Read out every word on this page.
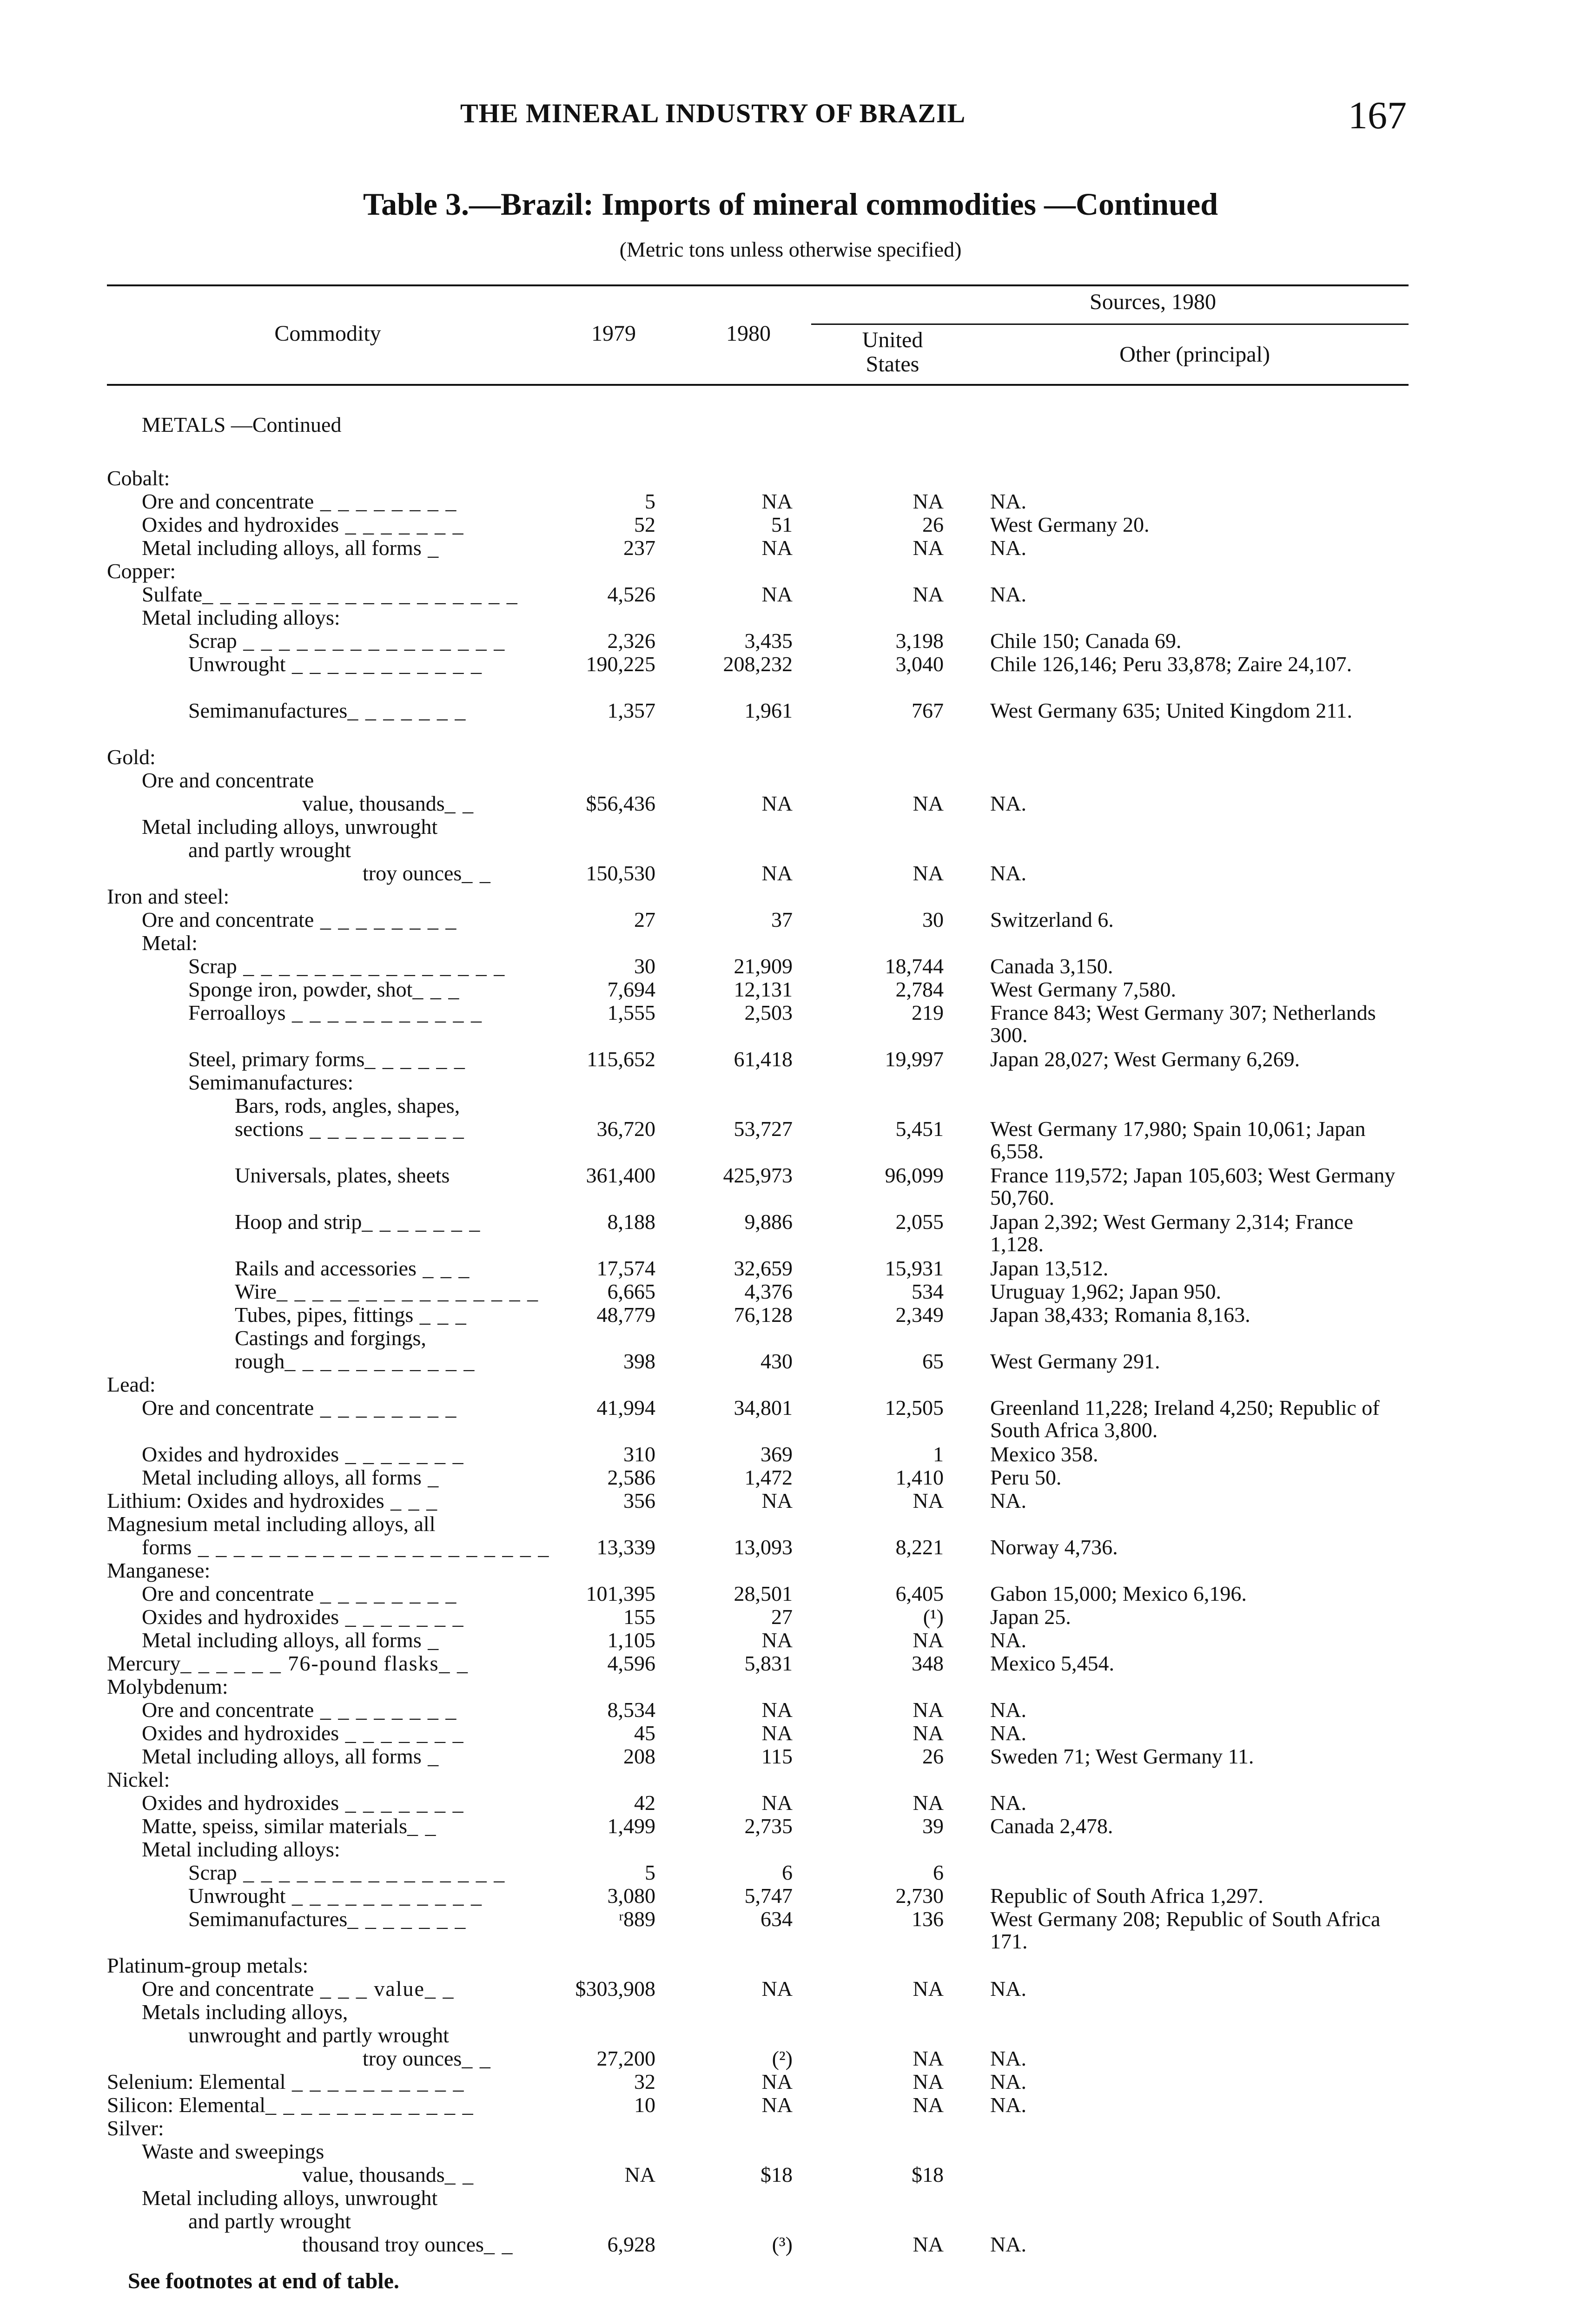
THE MINERAL INDUSTRY OF BRAZIL	167
Table 3.—Brazil: Imports of mineral commodities —Continued
(Metric tons unless otherwise specified)
Commodity	1979	1980
Sources, 1980
United States	Other (principal)
METALS —Continued
Cobalt:
Ore and concentrate _ _ _ _ _ _ _ _	5	NA	NA NA.
Oxides and hydroxides _ _ _ _ _ _ _	52	51	26 West Germany 20.
Metal including alloys, all forms _	237	NA	NA NA.
Copper:
Sulfate_ _ _ _ _ _ _ _ _ _ _ _ _ _ _ _ _ _	4,526	NA	NA NA.
Metal including alloys:
Scrap _ _ _ _ _ _ _ _ _ _ _ _ _ _ _	2,326	3,435	3,198 Chile 150; Canada 69.
Unwrought _ _ _ _ _ _ _ _ _ _ _	190,225	208,232	3,040 Chile 126,146; Peru 33,878; Zaire 24,107.
Semimanufactures_ _ _ _ _ _ _	1,357	1,961	767 West Germany 635; United Kingdom 211.
Gold:
Ore and concentrate
value, thousands_ _	$56,436	NA	NA NA.
Metal including alloys, unwrought
and partly wrought
troy ounces_ _	150,530	NA	NA NA.
Iron and steel:
Ore and concentrate _ _ _ _ _ _ _ _	27	37	30 Switzerland 6.
Metal:
Scrap _ _ _ _ _ _ _ _ _ _ _ _ _ _ _	30	21,909	18,744 Canada 3,150.
Sponge iron, powder, shot_ _ _	7,694	12,131	2,784 West Germany 7,580.
Ferroalloys _ _ _ _ _ _ _ _ _ _ _	1,555	2,503	219 France 843; West Germany 307; Netherlands 300.
Steel, primary forms_ _ _ _ _ _	115,652	61,418	19,997 Japan 28,027; West Germany 6,269.
Semimanufactures:
Bars, rods, angles, shapes,
sections _ _ _ _ _ _ _ _ _	36,720	53,727	5,451 West Germany 17,980; Spain 10,061; Japan 6,558.
Universals, plates, sheets	361,400	425,973	96,099 France 119,572; Japan 105,603; West Germany 50,760.
Hoop and strip_ _ _ _ _ _ _	8,188	9,886	2,055 Japan 2,392; West Germany 2,314; France 1,128.
Rails and accessories _ _ _	17,574	32,659	15,931 Japan 13,512.
Wire_ _ _ _ _ _ _ _ _ _ _ _ _ _ _	6,665	4,376	534 Uruguay 1,962; Japan 950.
Tubes, pipes, fittings _ _ _	48,779	76,128	2,349 Japan 38,433; Romania 8,163.
Castings and forgings,
rough_ _ _ _ _ _ _ _ _ _ _	398	430	65 West Germany 291.
Lead:
Ore and concentrate _ _ _ _ _ _ _ _	41,994	34,801	12,505 Greenland 11,228; Ireland 4,250; Republic of South Africa 3,800.
Oxides and hydroxides _ _ _ _ _ _ _	310	369	1 Mexico 358.
Metal including alloys, all forms _	2,586	1,472	1,410 Peru 50.
Lithium: Oxides and hydroxides _ _ _	356	NA	NA NA.
Magnesium metal including alloys, all
forms _ _ _ _ _ _ _ _ _ _ _ _ _ _ _ _ _ _ _ _ 13,339	13,093	8,221 Norway 4,736.
Manganese:
Ore and concentrate _ _ _ _ _ _ _ _	101,395	28,501	6,405 Gabon 15,000; Mexico 6,196.
Oxides and hydroxides _ _ _ _ _ _ _	155	27	(¹) Japan 25.
Metal including alloys, all forms _	1,105	NA	NA NA.
Mercury_ _ _ _ _ _ 76-pound flasks_ _	4,596	5,831	348 Mexico 5,454.
Molybdenum:
Ore and concentrate _ _ _ _ _ _ _ _	8,534	NA	NA NA.
Oxides and hydroxides _ _ _ _ _ _ _	45	NA	NA NA.
Metal including alloys, all forms _	208	115	26 Sweden 71; West Germany 11.
Nickel:
Oxides and hydroxides _ _ _ _ _ _ _	42	NA	NA NA.
Matte, speiss, similar materials_ _	1,499	2,735	39 Canada 2,478.
Metal including alloys:
Scrap _ _ _ _ _ _ _ _ _ _ _ _ _ _ _	5	6	6
Unwrought _ _ _ _ _ _ _ _ _ _ _	3,080	5,747	2,730 Republic of South Africa 1,297.
Semimanufactures_ _ _ _ _ _ _	ʳ889	634	136 West Germany 208; Republic of South Africa 171.
Platinum-group metals:
Ore and concentrate _ _ _ value_ _	$303,908	NA	NA NA.
Metals including alloys,
unwrought and partly wrought
troy ounces_ _	27,200	(²)	NA NA.
Selenium: Elemental _ _ _ _ _ _ _ _ _ _	32	NA	NA NA.
Silicon: Elemental_ _ _ _ _ _ _ _ _ _ _ _	10	NA	NA NA.
Silver:
Waste and sweepings
value, thousands_ _	NA	$18	$18
Metal including alloys, unwrought
and partly wrought
thousand troy ounces_ _	6,928	(³)	NA NA.
See footnotes at end of table.
